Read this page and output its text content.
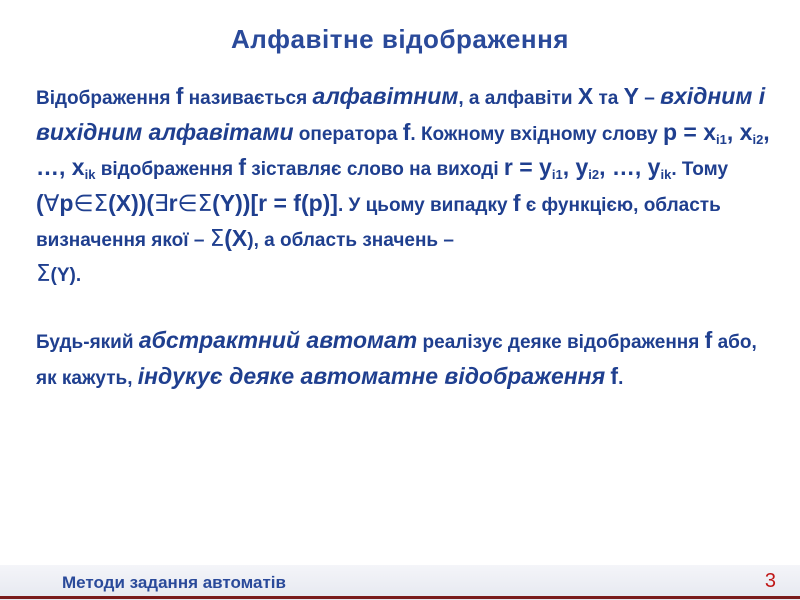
Алфавітне відображення

Відображення f називається алфавітним, а алфавіти X та Y – вхідним і вихідним алфавітами оператора f. Кожному вхідному слову $p = x_{i1}$, $x_{i2}$, …, $x_{ik}$ відображення f зіставляє слово на виході $r = y_{i1}$, $y_{i2}$, …, $y_{ik}$. Тому
(∀p∈Σ(X))(∃r∈Σ(Y))[r = f(p)]. У цьому випадку f є функцією, область визначення якої – Σ(X), а область значень –
Σ(Y).

Будь-який абстрактний автомат реалізує деяке відображення f або, як кажуть, індукує деяке автоматне відображення f.

Методи задання автоматів	3
